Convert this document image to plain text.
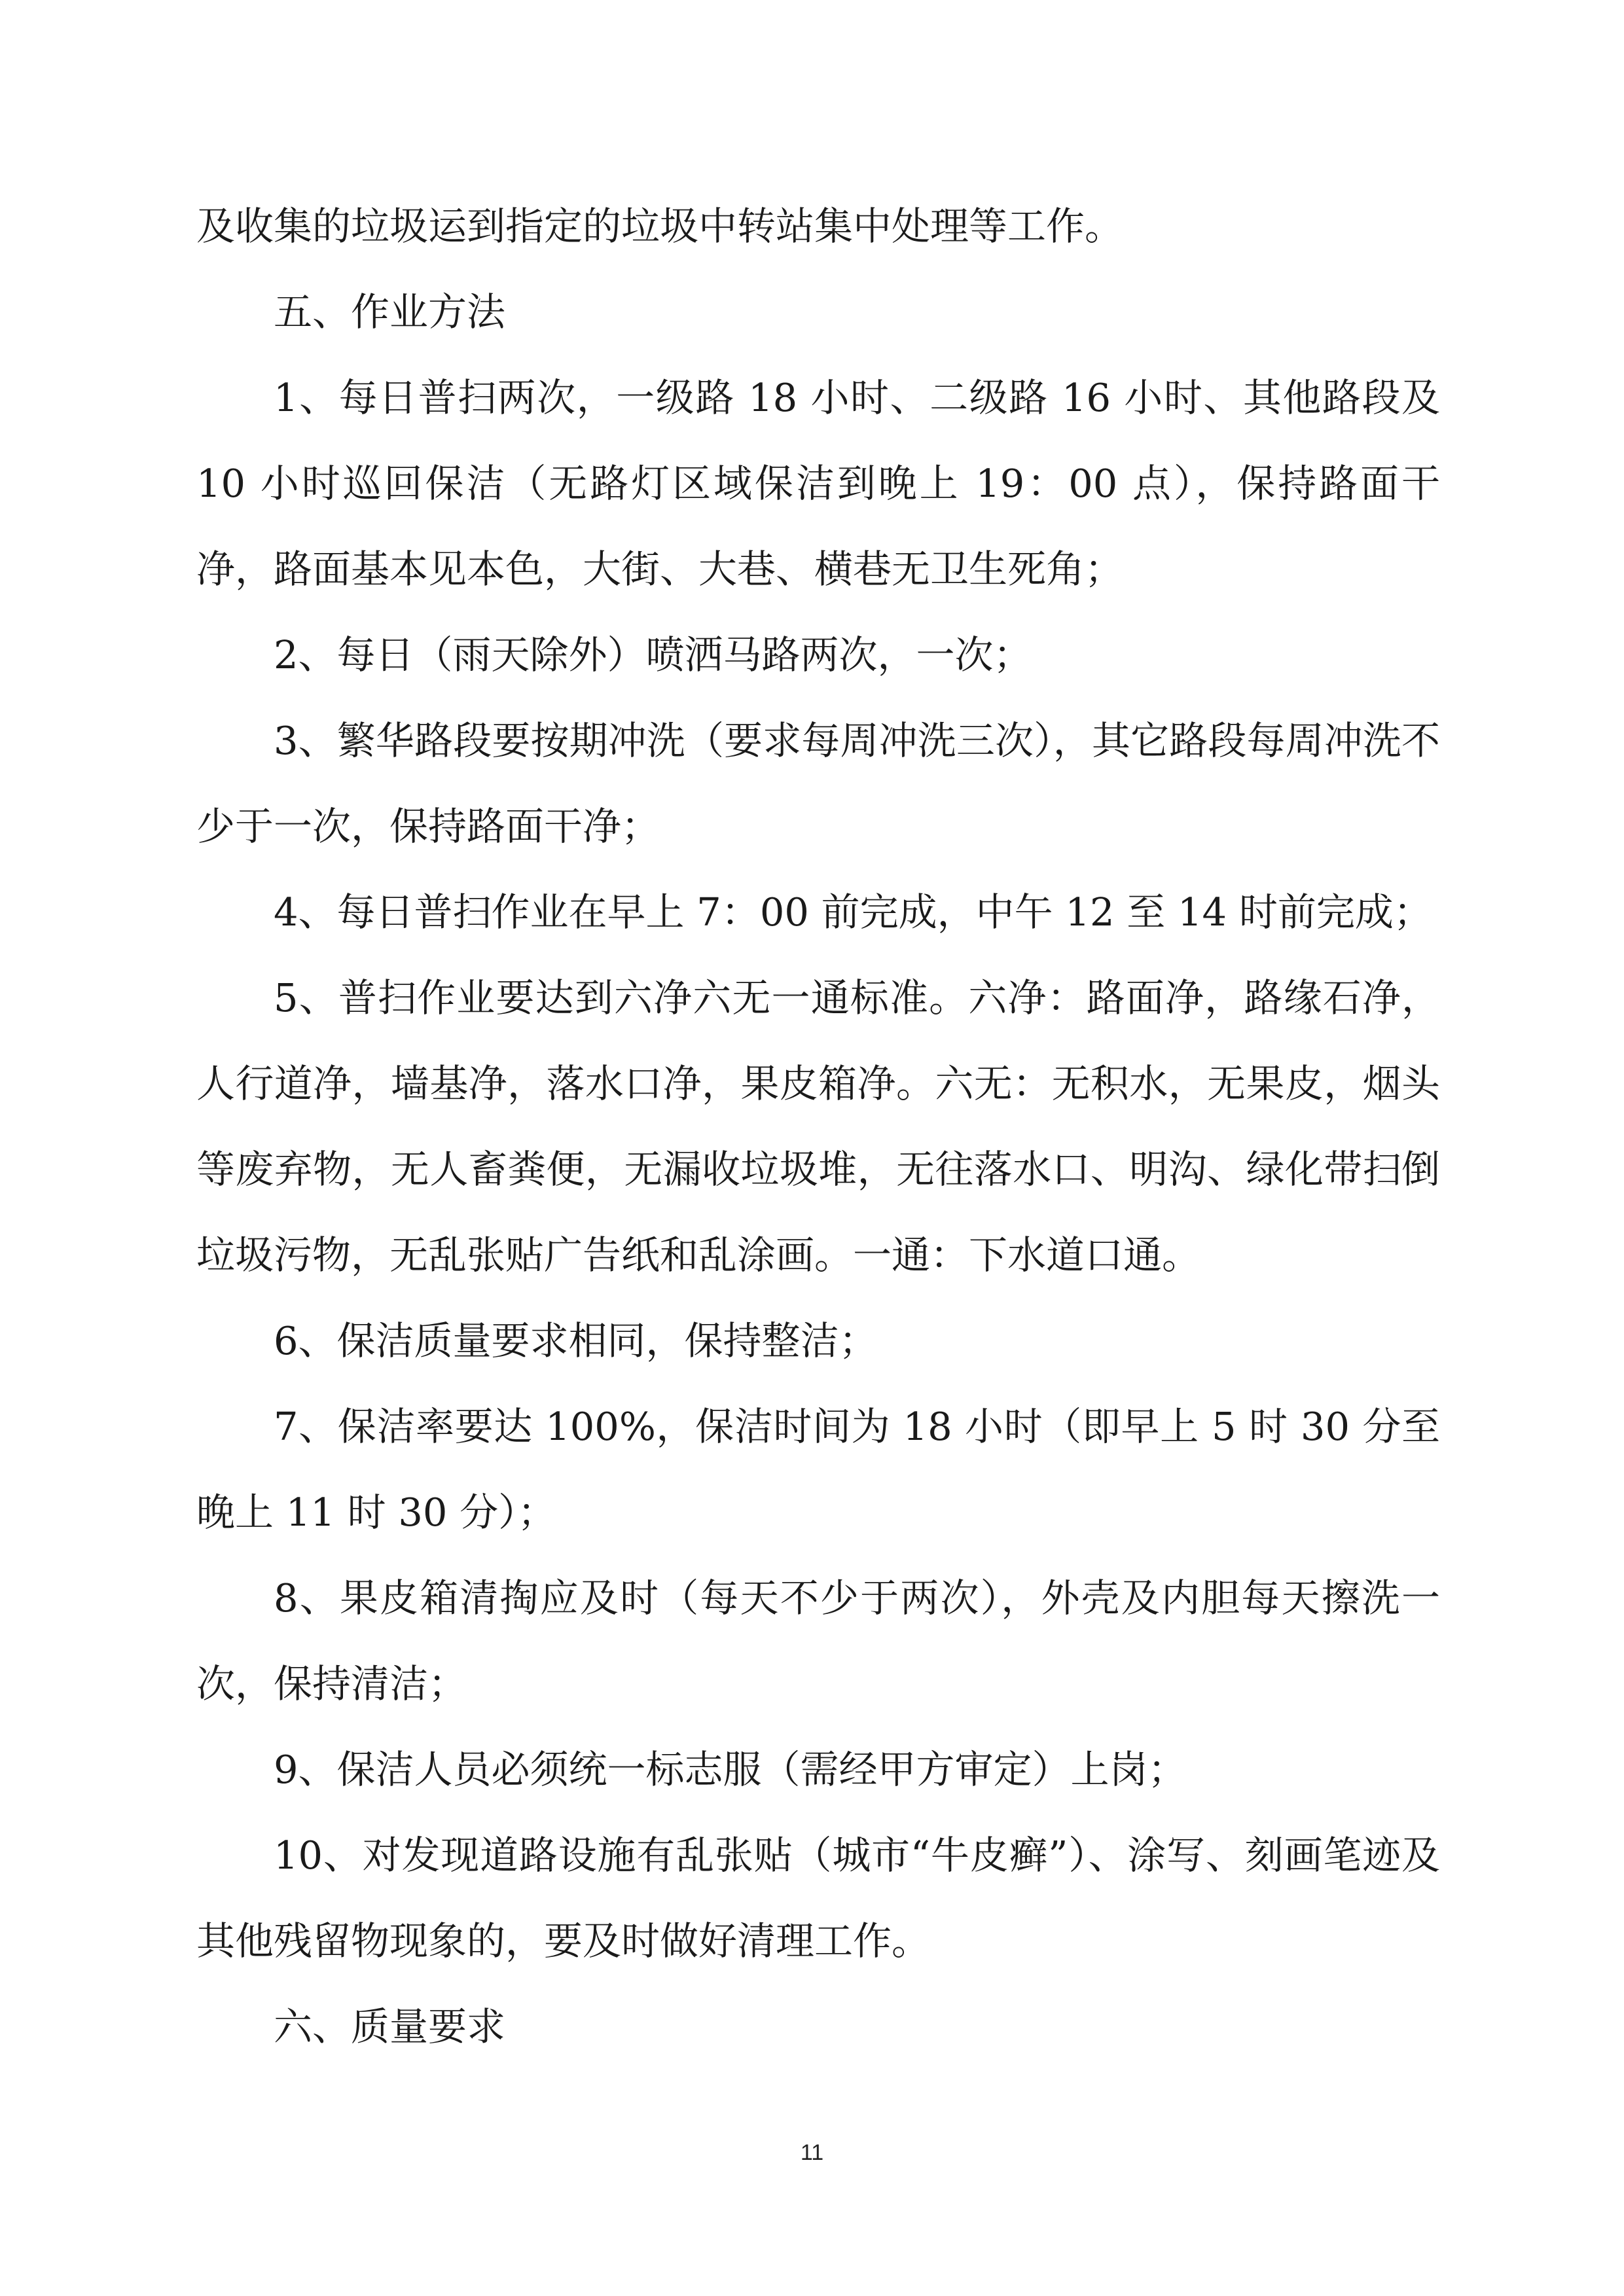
及收集的垃圾运到指定的垃圾中转站集中处理等工作。

五、作业方法

1、每日普扫两次，一级路 18 小时、二级路 16 小时、其他路段及 10 小时巡回保洁（无路灯区域保洁到晚上 19：00 点），保持路面干净，路面基本见本色，大街、大巷、横巷无卫生死角；

2、每日（雨天除外）喷洒马路两次，一次；

3、繁华路段要按期冲洗（要求每周冲洗三次），其它路段每周冲洗不少于一次，保持路面干净；

4、每日普扫作业在早上 7：00 前完成，中午 12 至 14 时前完成；

5、普扫作业要达到六净六无一通标准。六净：路面净，路缘石净，人行道净，墙基净，落水口净，果皮箱净。六无：无积水，无果皮，烟头等废弃物，无人畜粪便，无漏收垃圾堆，无往落水口、明沟、绿化带扫倒垃圾污物，无乱张贴广告纸和乱涂画。一通：下水道口通。

6、保洁质量要求相同，保持整洁；

7、保洁率要达 100%，保洁时间为 18 小时（即早上 5 时 30 分至晚上 11 时 30 分）；

8、果皮箱清掏应及时（每天不少于两次），外壳及内胆每天擦洗一次，保持清洁；

9、保洁人员必须统一标志服（需经甲方审定）上岗；

10、对发现道路设施有乱张贴（城市“牛皮癣”）、涂写、刻画笔迹及其他残留物现象的，要及时做好清理工作。

六、质量要求

11
